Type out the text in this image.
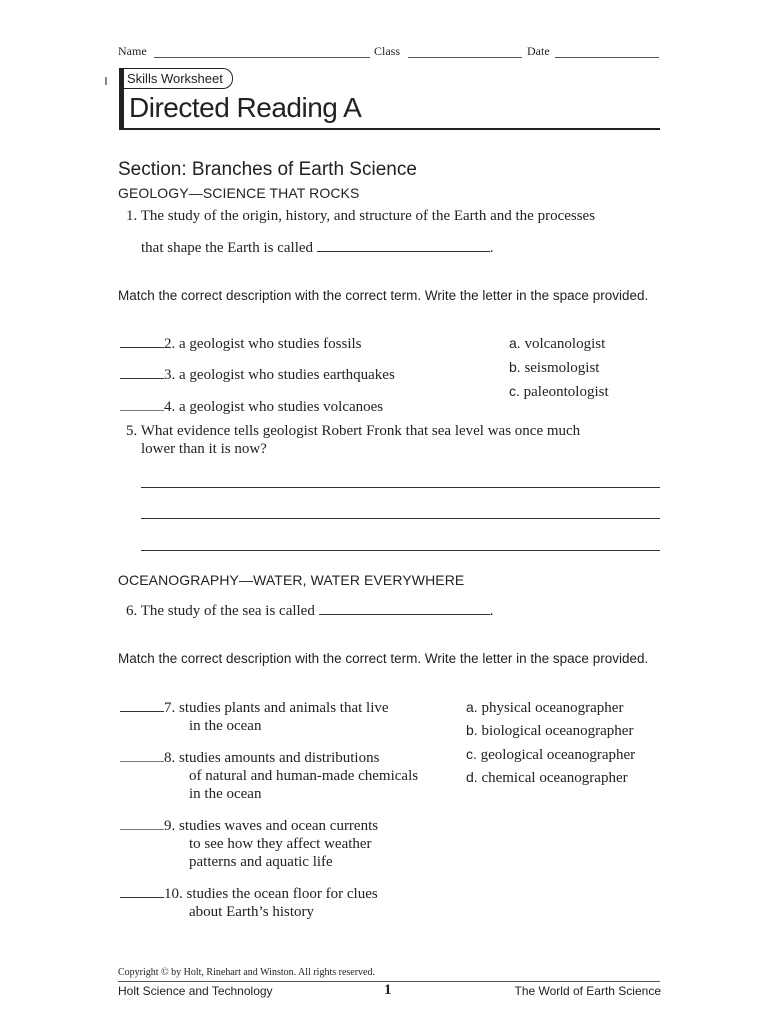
Name	Class	Date
Skills Worksheet
Directed Reading A
Section: Branches of Earth Science
GEOLOGY—SCIENCE THAT ROCKS
1. The study of the origin, history, and structure of the Earth and the processes
that shape the Earth is called	.
Match the correct description with the correct term. Write the letter in the space provided.
2. a geologist who studies fossils
3. a geologist who studies earthquakes
4. a geologist who studies volcanoes
a. volcanologist
b. seismologist
c. paleontologist
5. What evidence tells geologist Robert Fronk that sea level was once much
lower than it is now?
OCEANOGRAPHY—WATER, WATER EVERYWHERE
6. The study of the sea is called	.
Match the correct description with the correct term. Write the letter in the space provided.
7. studies plants and animals that live
in the ocean
8. studies amounts and distributions
of natural and human-made chemicals
in the ocean
9. studies waves and ocean currents
to see how they affect weather
patterns and aquatic life
10. studies the ocean floor for clues
about Earth’s history
a. physical oceanographer
b. biological oceanographer
c. geological oceanographer
d. chemical oceanographer
Copyright © by Holt, Rinehart and Winston. All rights reserved.
Holt Science and Technology	1	The World of Earth Science
